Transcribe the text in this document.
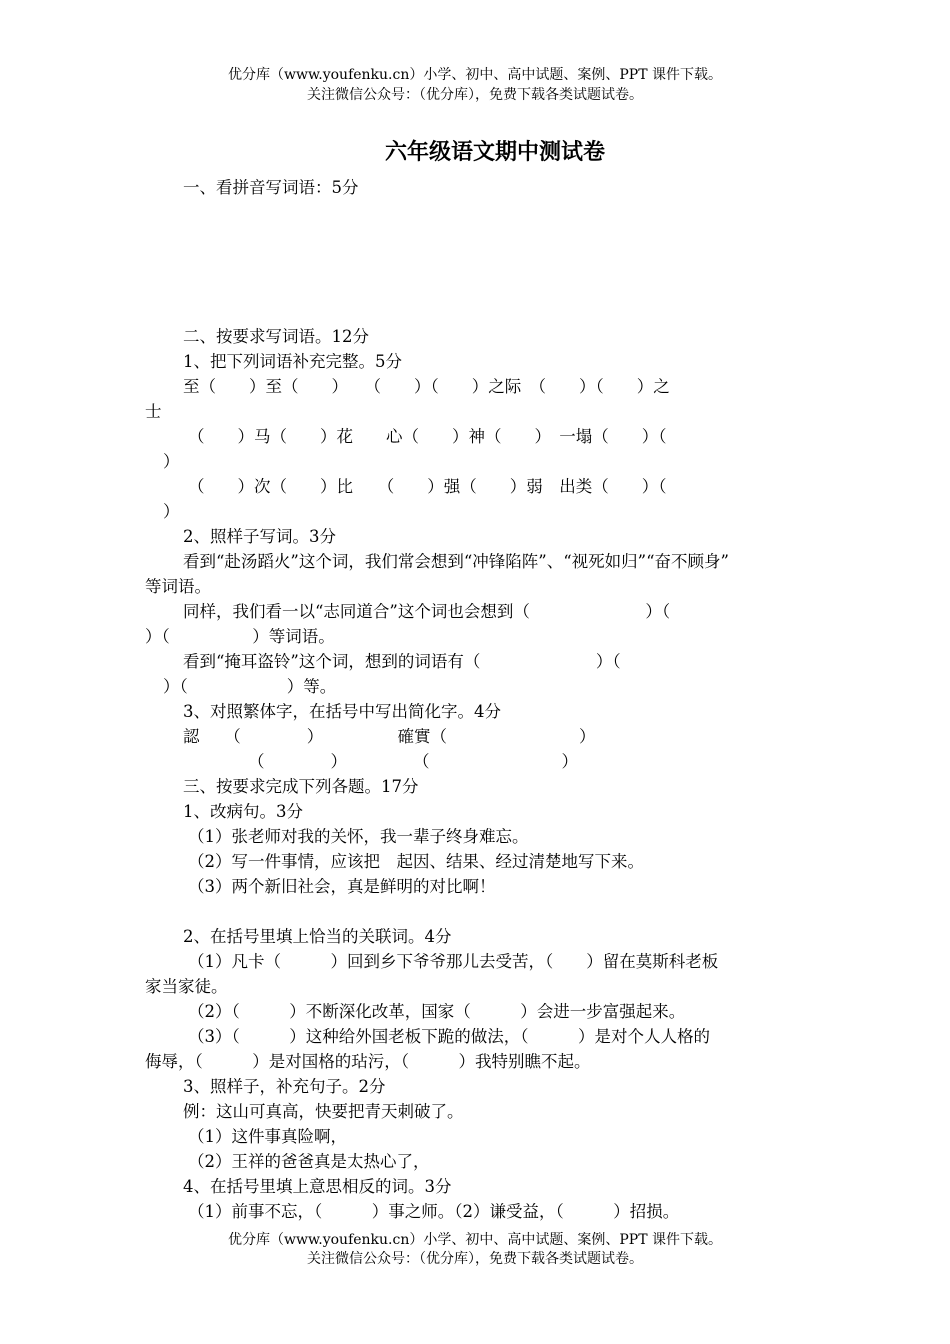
优分库（www.youfenku.cn）小学、初中、高中试题、案例、PPT 课件下载。
关注微信公众号：（优分库），免费下载各类试题试卷。
六年级语文期中测试卷
一、看拼音写词语：5分
二、按要求写词语。12分
1、把下列词语补充完整。5分
至（　　）至（　　）　　（　　）（　　）之际　（　　）（　　）之
士
（　　）马（　　）花　　心（　　）神（　　）　一塌（　　）（
）
（　　）次（　　）比　　（　　）强（　　）弱　出类（　　）（
）
2、照样子写词。3分
看到“赴汤蹈火”这个词，我们常会想到“冲锋陷阵”、“视死如归”“奋不顾身”
等词语。
同样，我们看一以“志同道合”这个词也会想到（　　　　　　　）（
）（　　　　　）等词语。
看到“掩耳盗铃”这个词，想到的词语有（　　　　　　　）（
）（　　　　　　）等。
3、对照繁体字，在括号中写出简化字。4分
認　　（　　　　）　　　　　確實（　　　　　　　　）
（　　　　）　　　　　（　　　　　　　　）
三、按要求完成下列各题。17分
1、改病句。3分
（1）张老师对我的关怀，我一辈子终身难忘。
（2）写一件事情，应该把　起因、结果、经过清楚地写下来。
（3）两个新旧社会，真是鲜明的对比啊！
2、在括号里填上恰当的关联词。4分
（1）凡卡（　　　）回到乡下爷爷那儿去受苦，（　　）留在莫斯科老板
家当家徒。
（2）（　　　）不断深化改革，国家（　　　）会进一步富强起来。
（3）（　　　）这种给外国老板下跪的做法，（　　　）是对个人人格的
侮辱，（　　　）是对国格的玷污，（　　　）我特别瞧不起。
3、照样子，补充句子。2分
例：这山可真高，快要把青天刺破了。
（1）这件事真险啊，
（2）王祥的爸爸真是太热心了，
4、在括号里填上意思相反的词。3分
（1）前事不忘，（　　　）事之师。（2）谦受益，（　　　）招损。
优分库（www.youfenku.cn）小学、初中、高中试题、案例、PPT 课件下载。
关注微信公众号：（优分库），免费下载各类试题试卷。
